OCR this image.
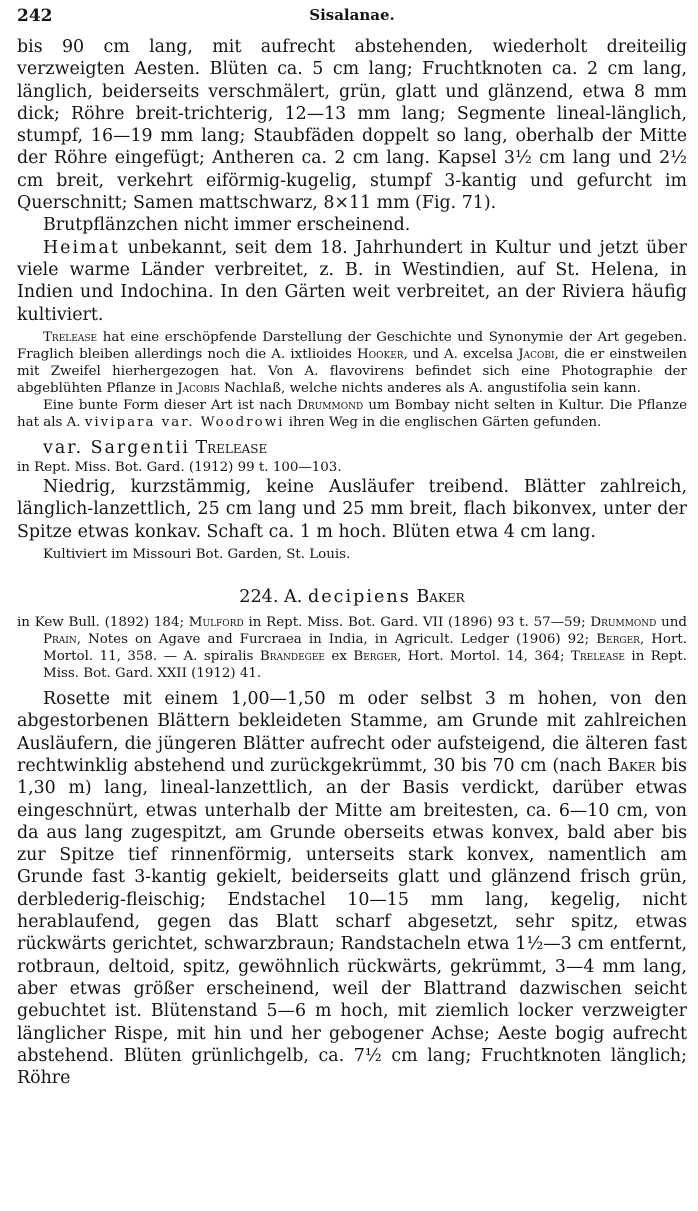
242	Sisalanae.

bis 90 cm lang, mit aufrecht abstehenden, wiederholt dreiteilig verzweigten Aesten. Blüten ca. 5 cm lang; Fruchtknoten ca. 2 cm lang, länglich, beiderseits verschmälert, grün, glatt und glänzend, etwa 8 mm dick; Röhre breit-trichterig, 12—13 mm lang; Segmente lineal-länglich, stumpf, 16—19 mm lang; Staubfäden doppelt so lang, oberhalb der Mitte der Röhre eingefügt; Antheren ca. 2 cm lang. Kapsel 3½ cm lang und 2½ cm breit, verkehrt eiförmig-kugelig, stumpf 3-kantig und gefurcht im Querschnitt; Samen mattschwarz, 8×11 mm (Fig. 71).

Brutpflänzchen nicht immer erscheinend.

Heimat unbekannt, seit dem 18. Jahrhundert in Kultur und jetzt über viele warme Länder verbreitet, z. B. in Westindien, auf St. Helena, in Indien und Indochina. In den Gärten weit verbreitet, an der Riviera häufig kultiviert.

Trelease hat eine erschöpfende Darstellung der Geschichte und Synonymie der Art gegeben. Fraglich bleiben allerdings noch die A. ixtlioides Hooker, und A. excelsa Jacobi, die er einstweilen mit Zweifel hierhergezogen hat. Von A. flavovirens befindet sich eine Photographie der abgeblühten Pflanze in Jacobis Nachlaß, welche nichts anderes als A. angustifolia sein kann.

Eine bunte Form dieser Art ist nach Drummond um Bombay nicht selten in Kultur. Die Pflanze hat als A. vivipara var. Woodrowi ihren Weg in die englischen Gärten gefunden.

var. Sargentii Trelease

in Rept. Miss. Bot. Gard. (1912) 99 t. 100—103.

Niedrig, kurzstämmig, keine Ausläufer treibend. Blätter zahlreich, länglich-lanzettlich, 25 cm lang und 25 mm breit, flach bikonvex, unter der Spitze etwas konkav. Schaft ca. 1 m hoch. Blüten etwa 4 cm lang.

Kultiviert im Missouri Bot. Garden, St. Louis.

224. A. decipiens Baker

in Kew Bull. (1892) 184; Mulford in Rept. Miss. Bot. Gard. VII (1896) 93 t. 57—59; Drummond und Prain, Notes on Agave and Furcraea in India, in Agricult. Ledger (1906) 92; Berger, Hort. Mortol. 11, 358. — A. spiralis Brandegee ex Berger, Hort. Mortol. 14, 364; Trelease in Rept. Miss. Bot. Gard. XXII (1912) 41.

Rosette mit einem 1,00—1,50 m oder selbst 3 m hohen, von den abgestorbenen Blättern bekleideten Stamme, am Grunde mit zahlreichen Ausläufern, die jüngeren Blätter aufrecht oder aufsteigend, die älteren fast rechtwinklig abstehend und zurückgekrümmt, 30 bis 70 cm (nach Baker bis 1,30 m) lang, lineal-lanzettlich, an der Basis verdickt, darüber etwas eingeschnürt, etwas unterhalb der Mitte am breitesten, ca. 6—10 cm, von da aus lang zugespitzt, am Grunde oberseits etwas konvex, bald aber bis zur Spitze tief rinnenförmig, unterseits stark konvex, namentlich am Grunde fast 3-kantig gekielt, beiderseits glatt und glänzend frisch grün, derblederig-fleischig; Endstachel 10—15 mm lang, kegelig, nicht herablaufend, gegen das Blatt scharf abgesetzt, sehr spitz, etwas rückwärts gerichtet, schwarzbraun; Randstacheln etwa 1½—3 cm entfernt, rotbraun, deltoid, spitz, gewöhnlich rückwärts, gekrümmt, 3—4 mm lang, aber etwas größer erscheinend, weil der Blattrand dazwischen seicht gebuchtet ist. Blütenstand 5—6 m hoch, mit ziemlich locker verzweigter länglicher Rispe, mit hin und her gebogener Achse; Aeste bogig aufrecht abstehend. Blüten grünlichgelb, ca. 7½ cm lang; Fruchtknoten länglich; Röhre
